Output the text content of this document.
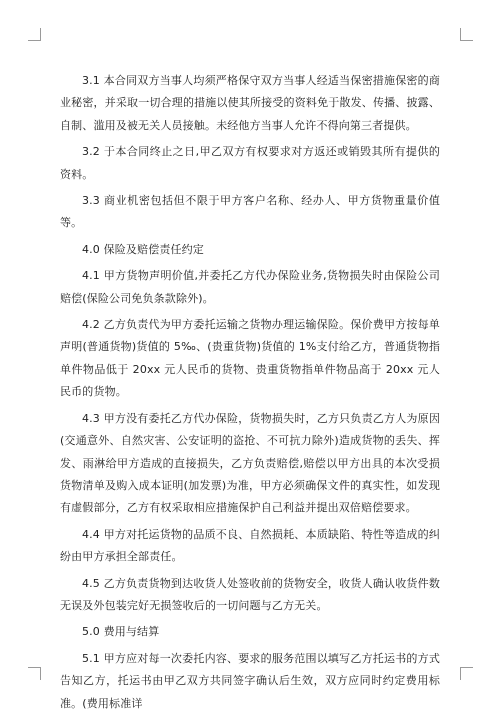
3.1 本合同双方当事人均须严格保守双方当事人经适当保密措施保密的商业秘密，并采取一切合理的措施以使其所接受的资料免于散发、传播、披露、自制、滥用及被无关人员接触。未经他方当事人允许不得向第三者提供。

3.2 于本合同终止之日,甲乙双方有权要求对方返还或销毁其所有提供的资料。

3.3 商业机密包括但不限于甲方客户名称、经办人、甲方货物重量价值等。

4.0 保险及赔偿责任约定

4.1 甲方货物声明价值,并委托乙方代办保险业务,货物损失时由保险公司赔偿(保险公司免负条款除外)。

4.2 乙方负责代为甲方委托运输之货物办理运输保险。保价费甲方按每单声明(普通货物)货值的 5‰、(贵重货物)货值的 1%支付给乙方，普通货物指单件物品低于 20xx 元人民币的货物、贵重货物指单件物品高于 20xx 元人民币的货物。

4.3 甲方没有委托乙方代办保险，货物损失时，乙方只负责乙方人为原因(交通意外、自然灾害、公安证明的盗抢、不可抗力除外)造成货物的丢失、挥发、雨淋给甲方造成的直接损失，乙方负责赔偿,赔偿以甲方出具的本次受损货物清单及购入成本证明(加发票)为准，甲方必须确保文件的真实性，如发现有虚假部分，乙方有权采取相应措施保护自己利益并提出双倍赔偿要求。

4.4 甲方对托运货物的品质不良、自然损耗、本质缺陷、特性等造成的纠纷由甲方承担全部责任。

4.5 乙方负责货物到达收货人处签收前的货物安全，收货人确认收货件数无误及外包装完好无损签收后的一切问题与乙方无关。

5.0 费用与结算

5.1 甲方应对每一次委托内容、要求的服务范围以填写乙方托运书的方式告知乙方，托运书由甲乙双方共同签字确认后生效，双方应同时约定费用标准。(费用标准详
